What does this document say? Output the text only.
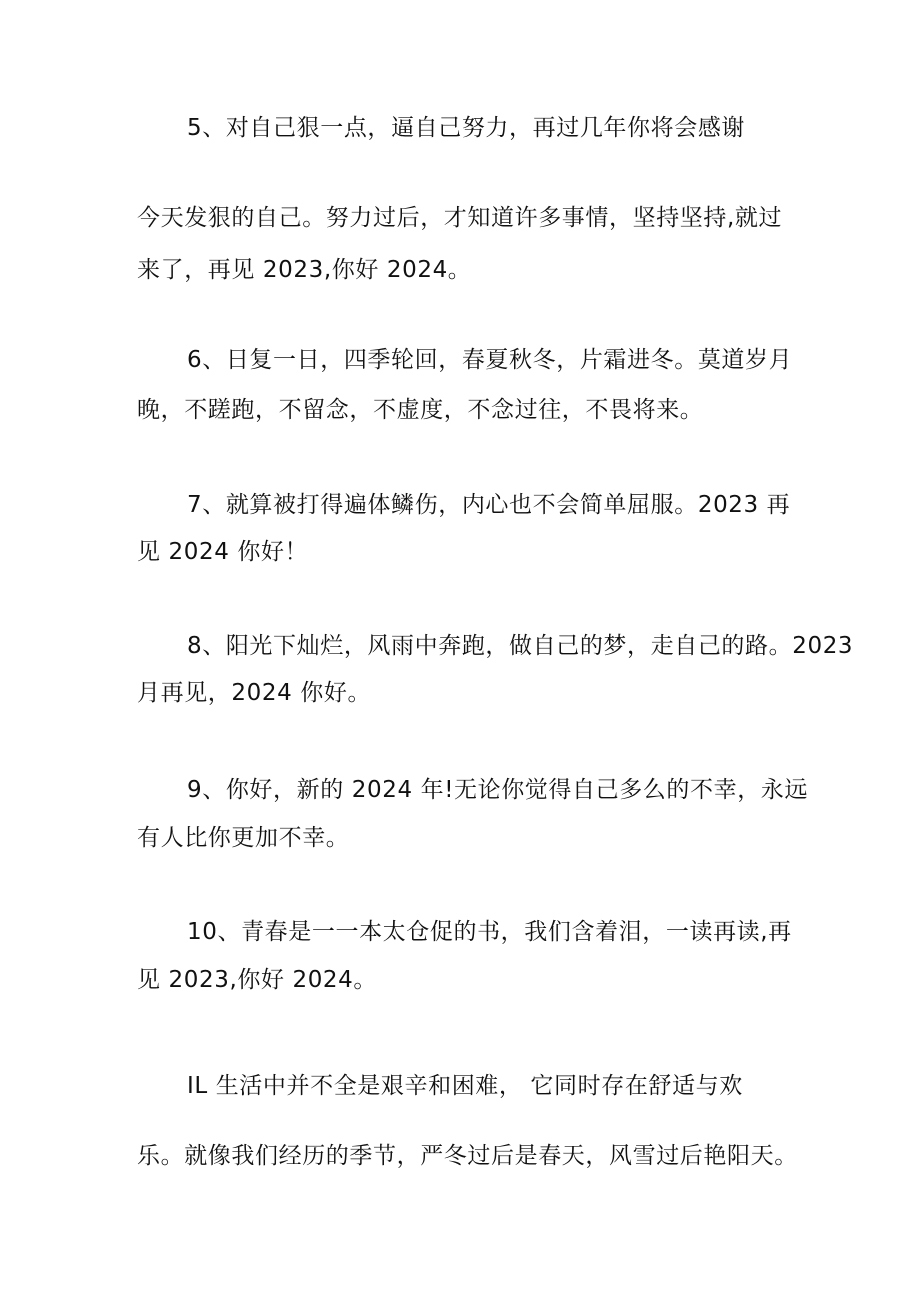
5、对自己狠一点，逼自己努力，再过几年你将会感谢
今天发狠的自己。努力过后，才知道许多事情，坚持坚持,就过
来了，再见 2023,你好 2024。
6、日复一日，四季轮回，春夏秋冬，片霜进冬。莫道岁月
晚，不蹉跑，不留念，不虚度，不念过往，不畏将来。
7、就算被打得遍体鳞伤，内心也不会简单屈服。2023 再
见 2024 你好！
8、阳光下灿烂，风雨中奔跑，做自己的梦，走自己的路。2023
月再见，2024 你好。
9、你好，新的 2024 年!无论你觉得自己多么的不幸，永远
有人比你更加不幸。
10、青春是一一本太仓促的书，我们含着泪，一读再读,再
见 2023,你好 2024。
IL 生活中并不全是艰辛和困难， 它同时存在舒适与欢
乐。就像我们经历的季节，严冬过后是春天，风雪过后艳阳天。
